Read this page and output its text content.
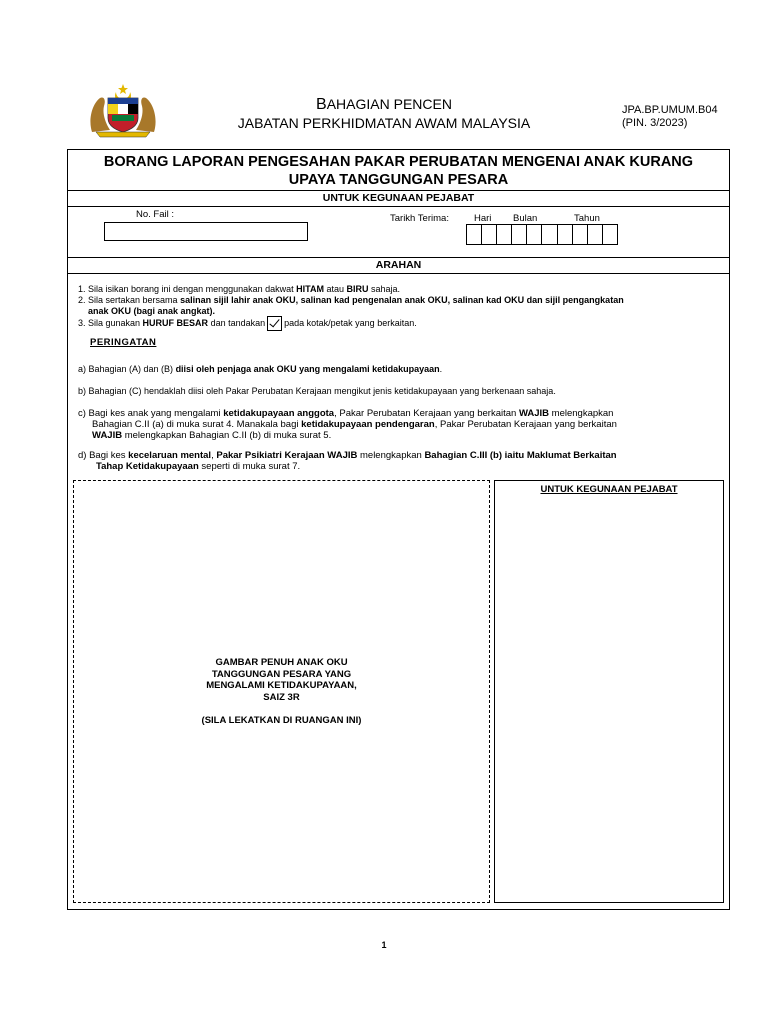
BAHAGIAN PENCEN
JABATAN PERKHIDMATAN AWAM MALAYSIA
JPA.BP.UMUM.B04
(PIN. 3/2023)
BORANG LAPORAN PENGESAHAN PAKAR PERUBATAN MENGENAI ANAK KURANG
UPAYA TANGGUNGAN PESARA
UNTUK KEGUNAAN PEJABAT
No. Fail :	Tarikh Terima:	Hari Bulan	Tahun
ARAHAN
1. Sila isikan borang ini dengan menggunakan dakwat HITAM atau BIRU sahaja.
2. Sila sertakan bersama salinan sijil lahir anak OKU, salinan kad pengenalan anak OKU, salinan kad OKU dan sijil pengangkatan
anak OKU (bagi anak angkat).
3. Sila gunakan HURUF BESAR dan tandakan pada kotak/petak yang berkaitan.
PERINGATAN
a) Bahagian (A) dan (B) diisi oleh penjaga anak OKU yang mengalami ketidakupayaan.
b) Bahagian (C) hendaklah diisi oleh Pakar Perubatan Kerajaan mengikut jenis ketidakupayaan yang berkenaan sahaja.
c) Bagi kes anak yang mengalami ketidakupayaan anggota, Pakar Perubatan Kerajaan yang berkaitan WAJIB melengkapkan
Bahagian C.II (a) di muka surat 4. Manakala bagi ketidakupayaan pendengaran, Pakar Perubatan Kerajaan yang berkaitan
WAJIB melengkapkan Bahagian C.II (b) di muka surat 5.
d) Bagi kes kecelaruan mental, Pakar Psikiatri Kerajaan WAJIB melengkapkan Bahagian C.III (b) iaitu Maklumat Berkaitan
Tahap Ketidakupayaan seperti di muka surat 7.
GAMBAR PENUH ANAK OKU
TANGGUNGAN PESARA YANG
MENGALAMI KETIDAKUPAYAAN,
SAIZ 3R
(SILA LEKATKAN DI RUANGAN INI)
UNTUK KEGUNAAN PEJABAT
1
